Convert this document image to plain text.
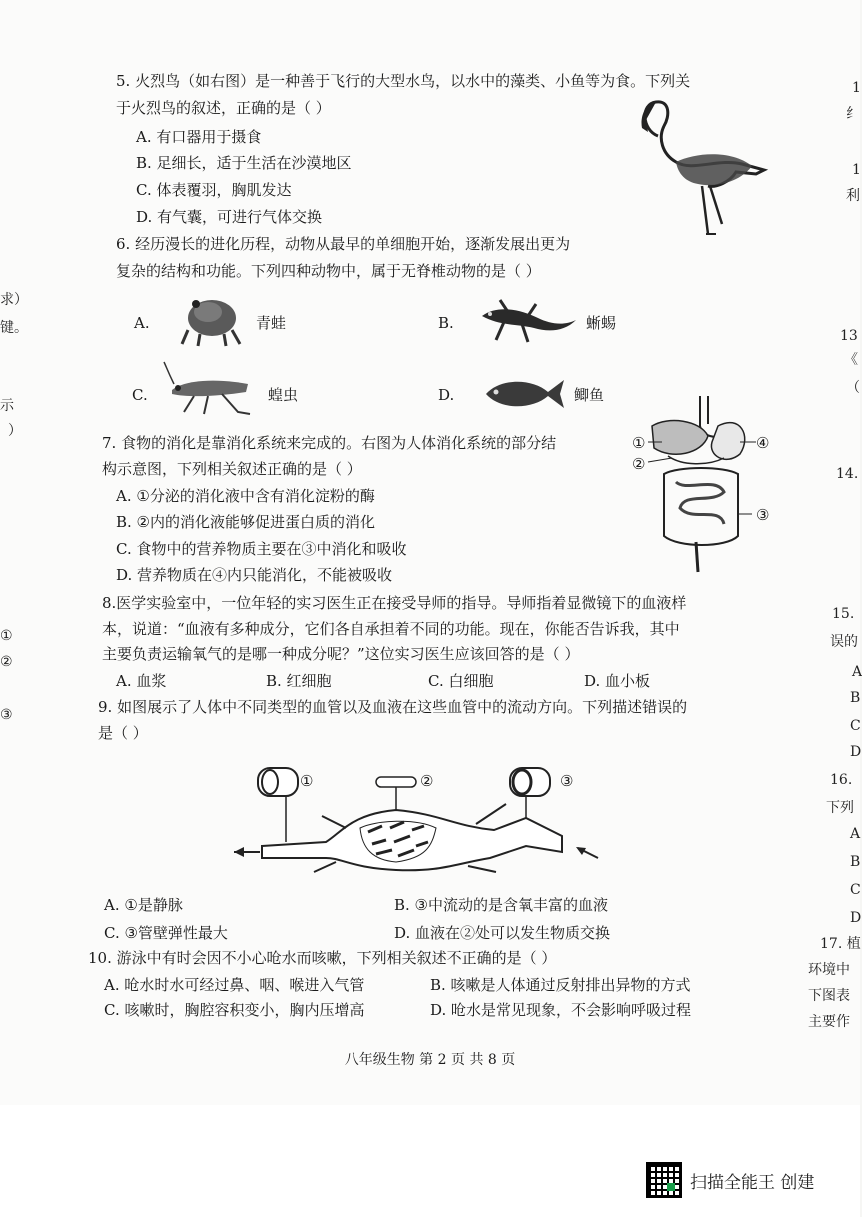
5. 火烈鸟（如右图）是一种善于飞行的大型水鸟，以水中的藻类、小鱼等为食。下列关
于火烈鸟的叙述，正确的是（ ）
A. 有口器用于摄食
B. 足细长，适于生活在沙漠地区
C. 体表覆羽，胸肌发达
D. 有气囊，可进行气体交换
6. 经历漫长的进化历程，动物从最早的单细胞开始，逐渐发展出更为
复杂的结构和功能。下列四种动物中，属于无脊椎动物的是（ ）
A.	青蛙	B.	蜥蜴
C.	蝗虫	D.	鲫鱼
7. 食物的消化是靠消化系统来完成的。右图为人体消化系统的部分结
构示意图，下列相关叙述正确的是（ ）
A. ①分泌的消化液中含有消化淀粉的酶
B. ②内的消化液能够促进蛋白质的消化
C. 食物中的营养物质主要在③中消化和吸收
D. 营养物质在④内只能消化，不能被吸收
①
②
③
④
8.医学实验室中，一位年轻的实习医生正在接受导师的指导。导师指着显微镜下的血液样
本，说道：“血液有多种成分，它们各自承担着不同的功能。现在，你能否告诉我，其中
主要负责运输氧气的是哪一种成分呢？”这位实习医生应该回答的是（ ）
A. 血浆	B. 红细胞	C. 白细胞	D. 血小板
9. 如图展示了人体中不同类型的血管以及血液在这些血管中的流动方向。下列描述错误的
是（ ）
①	②	③
A. ①是静脉	B. ③中流动的是含氧丰富的血液
C. ③管壁弹性最大	D. 血液在②处可以发生物质交换
10. 游泳中有时会因不小心呛水而咳嗽，下列相关叙述不正确的是（ ）
A. 呛水时水可经过鼻、咽、喉进入气管	B. 咳嗽是人体通过反射排出异物的方式
C. 咳嗽时，胸腔容积变小，胸内压增高	D. 呛水是常见现象，不会影响呼吸过程
八年级生物 第 2 页 共 8 页
求）
键。
示
）
①
②
③
1
纟
1
利
13
《
（
14.
15.
误的
A
B
C
D
16.
下列
A
B
C
D
17. 植
环境中
下图表
主要作
扫描全能王 创建
